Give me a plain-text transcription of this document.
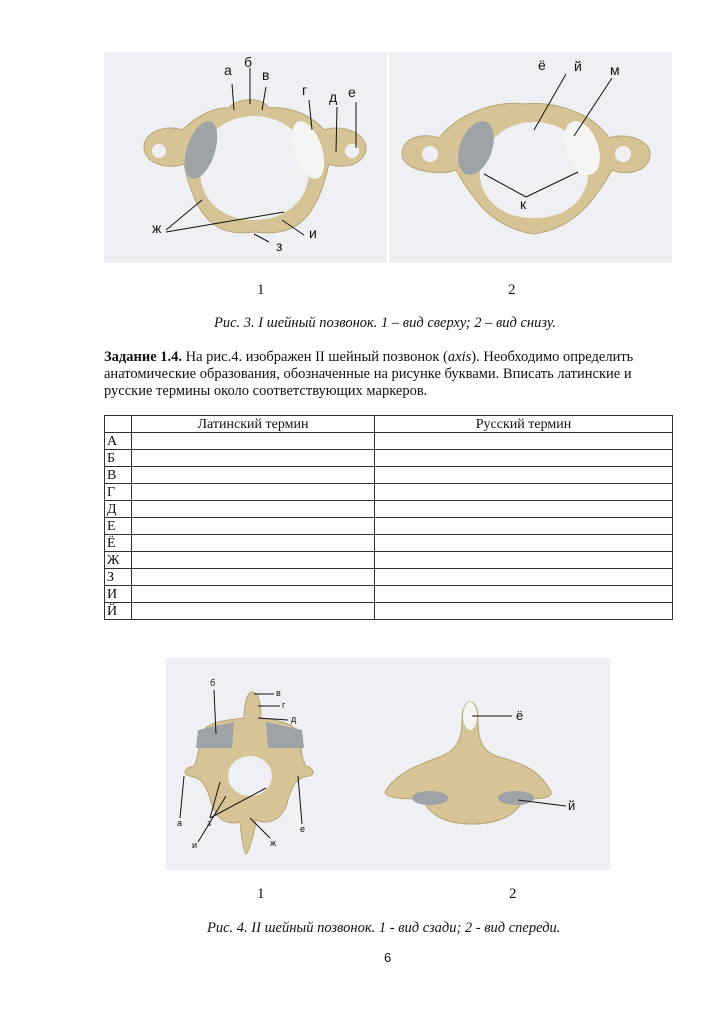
а б
в
г д е
ж
з
и
ё й м
к
1	2
Рис. 3. I шейный позвонок. 1 – вид сверху; 2 – вид снизу.
Задание 1.4. На рис.4. изображен II шейный позвонок (axis). Необходимо определить анатомические образования, обозначенные на рисунке буквами. Вписать латинские и русские термины около соответствующих маркеров.
	Латинский термин	Русский термин
А		
Б		
В		
Г		
Д		
Е		
Ё		
Ж		
З		
И		
Й		
б
в
г
д
а	з
и	ж
е
ё
й
1	2
Рис. 4. II шейный позвонок. 1 - вид сзади; 2 - вид спереди.
6
